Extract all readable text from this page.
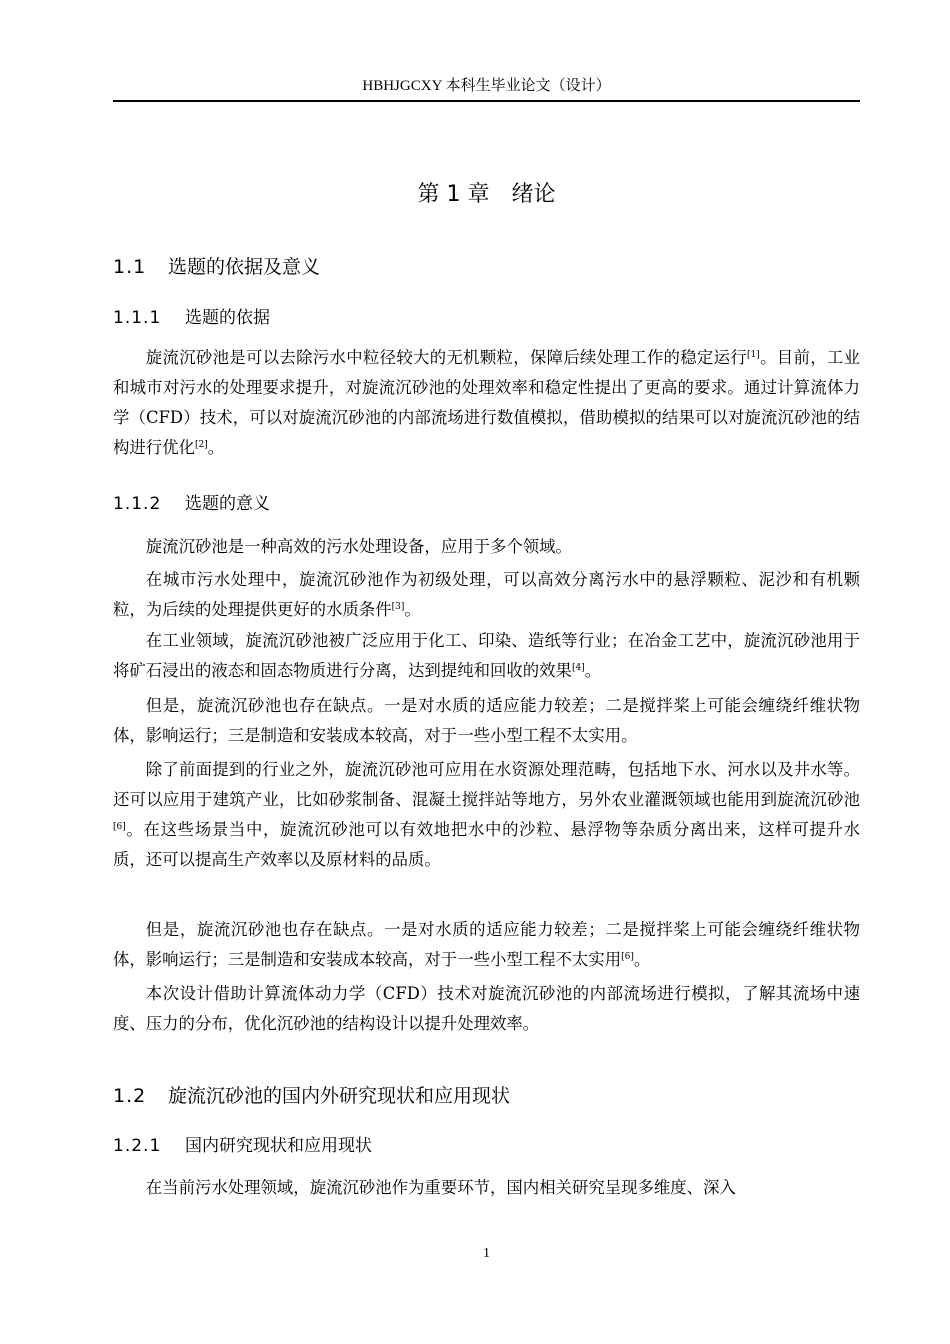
HBHJGCXY 本科生毕业论文（设计）
第 1 章　绪论
1.1 选题的依据及意义
1.1.1 选题的依据

旋流沉砂池是可以去除污水中粒径较大的无机颗粒，保障后续处理工作的稳定运行[1]。目前，工业和城市对污水的处理要求提升，对旋流沉砂池的处理效率和稳定性提出了更高的要求。通过计算流体力学（CFD）技术，可以对旋流沉砂池的内部流场进行数值模拟，借助模拟的结果可以对旋流沉砂池的结构进行优化[2]。

1.1.2 选题的意义

旋流沉砂池是一种高效的污水处理设备，应用于多个领域。

在城市污水处理中，旋流沉砂池作为初级处理，可以高效分离污水中的悬浮颗粒、泥沙和有机颗粒，为后续的处理提供更好的水质条件[3]。

在工业领域，旋流沉砂池被广泛应用于化工、印染、造纸等行业；在冶金工艺中，旋流沉砂池用于将矿石浸出的液态和固态物质进行分离，达到提纯和回收的效果[4]。

但是，旋流沉砂池也存在缺点。一是对水质的适应能力较差；二是搅拌桨上可能会缠绕纤维状物体，影响运行；三是制造和安装成本较高，对于一些小型工程不太实用。

除了前面提到的行业之外，旋流沉砂池可应用在水资源处理范畴，包括地下水、河水以及井水等。还可以应用于建筑产业，比如砂浆制备、混凝土搅拌站等地方，另外农业灌溉领域也能用到旋流沉砂池[6]。在这些场景当中，旋流沉砂池可以有效地把水中的沙粒、悬浮物等杂质分离出来，这样可提升水质，还可以提高生产效率以及原材料的品质。

但是，旋流沉砂池也存在缺点。一是对水质的适应能力较差；二是搅拌桨上可能会缠绕纤维状物体，影响运行；三是制造和安装成本较高，对于一些小型工程不太实用[6]。

本次设计借助计算流体动力学（CFD）技术对旋流沉砂池的内部流场进行模拟，了解其流场中速度、压力的分布，优化沉砂池的结构设计以提升处理效率。

1.2 旋流沉砂池的国内外研究现状和应用现状
1.2.1 国内研究现状和应用现状

在当前污水处理领域，旋流沉砂池作为重要环节，国内相关研究呈现多维度、深入

1
